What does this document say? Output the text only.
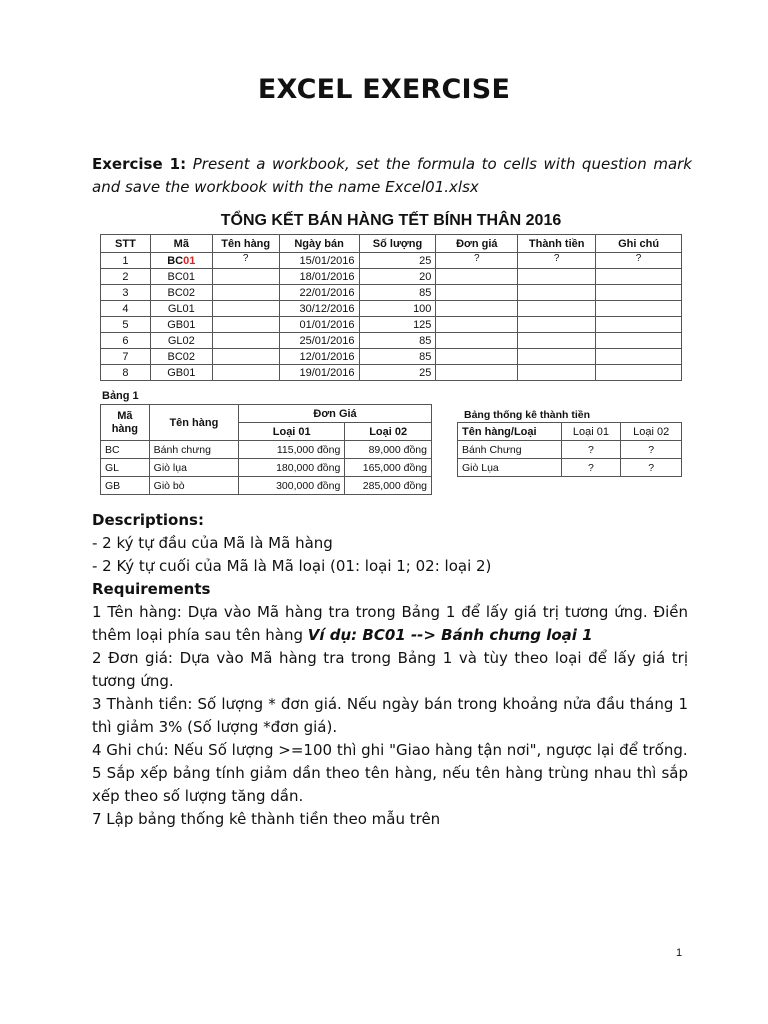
EXCEL EXERCISE
Exercise 1: Present a workbook, set the formula to cells with question mark and save the workbook with the name Excel01.xlsx
TỔNG KẾT BÁN HÀNG TẾT BÍNH THÂN 2016
STT	Mã	Tên hàng	Ngày bán	Số lượng	Đơn giá	Thành tiền	Ghi chú
1	BC01	?	15/01/2016	25	?	?	?
2	BC01		18/01/2016	20			
3	BC02		22/01/2016	85			
4	GL01		30/12/2016	100			
5	GB01		01/01/2016	125			
6	GL02		25/01/2016	85			
7	BC02		12/01/2016	85			
8	GB01		19/01/2016	25			
Bảng 1
Mã hàng	Tên hàng	Đơn Giá	
		Loại 01	Loại 02
BC	Bánh chưng	115,000 đồng	89,000 đồng
GL	Giò lụa	180,000 đồng	165,000 đồng
GB	Giò bò	300,000 đồng	285,000 đồng
Bảng thống kê thành tiền
Tên hàng/Loại	Loại 01	Loại 02
Bánh Chưng	?	?
Giò Lụa	?	?
Descriptions:
- 2 ký tự đầu của Mã là Mã hàng
- 2 Ký tự cuối của Mã là Mã loại (01: loại 1; 02: loại 2)
Requirements
1 Tên hàng: Dựa vào Mã hàng tra trong Bảng 1 để lấy giá trị tương ứng. Điền thêm loại phía sau tên hàng Ví dụ: BC01 --> Bánh chưng loại 1
2 Đơn giá: Dựa vào Mã hàng tra trong Bảng 1 và tùy theo loại để lấy giá trị tương ứng.
3 Thành tiền: Số lượng * đơn giá. Nếu ngày bán trong khoảng nửa đầu tháng 1 thì giảm 3% (Số lượng *đơn giá).
4 Ghi chú: Nếu Số lượng >=100 thì ghi "Giao hàng tận nơi", ngược lại để trống.
5 Sắp xếp bảng tính giảm dần theo tên hàng, nếu tên hàng trùng nhau thì sắp xếp theo số lượng tăng dần.
7 Lập bảng thống kê thành tiền theo mẫu trên
1
